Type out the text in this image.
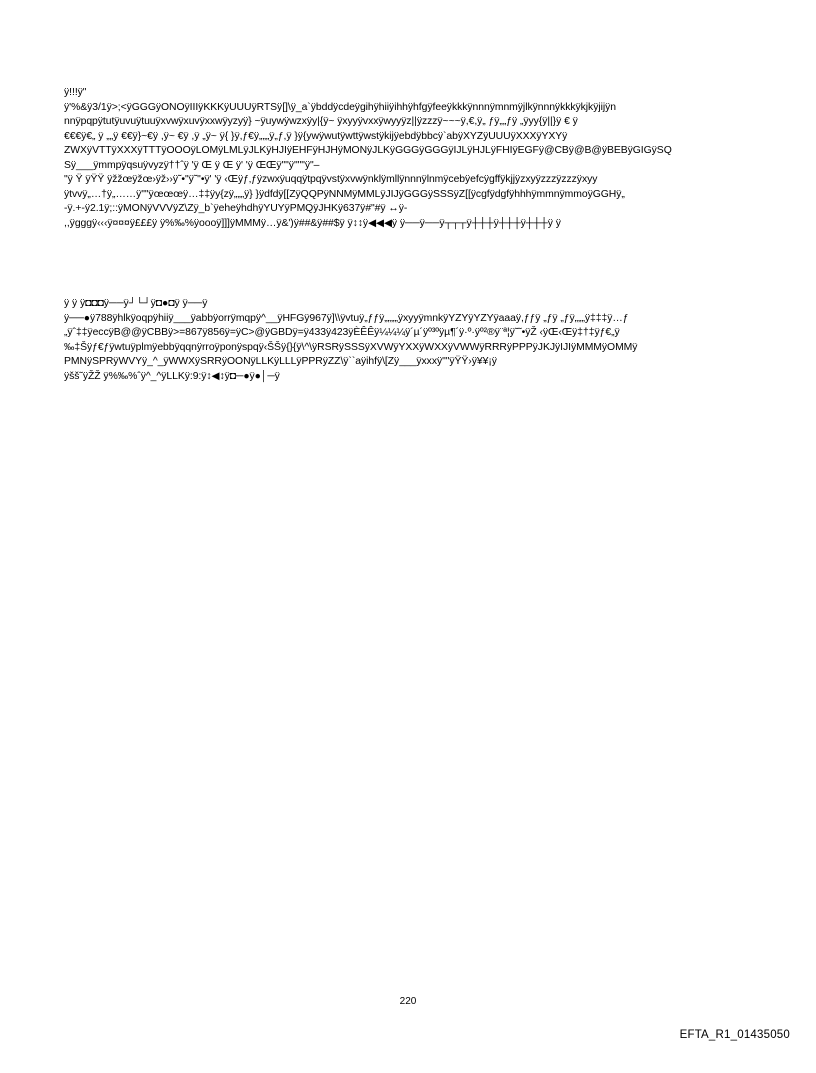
ÿ!!!ÿ"
ÿ'%&ÿ3/1ÿ>;<ÿGGGÿONOÿIIIÿKKKÿUUUÿRTSÿ[]\ÿ_a`ÿbddÿcdeÿgihÿhiiÿihhÿhfgÿfeeÿkkkÿnnnÿmnmÿjlkÿnnnÿkkkÿkjkÿjijÿn
nnÿpqpÿtutÿuvuÿtuuÿxvwÿxuvÿxxwÿyzyÿ} ~ÿuywÿwzxÿy|{ÿ~ ÿxyyÿvxxÿwyyÿz||ÿzzzÿ~~~ÿ,€,ÿ„ ƒÿ„„ƒÿ „ÿyy{ÿ||}ÿ € ÿ
€€€ÿ€„ ÿ „„ÿ €€ÿ}~€ÿ ,ÿ~ €ÿ ,ÿ „ÿ~ ÿ{ }ÿ,ƒ€ÿ„„„ÿ„ƒ,ÿ }ÿ{ywÿwutÿwttÿwstÿkijÿebdÿbbcÿ`abÿXYZÿUUUÿXXXÿYXYÿ
ZWXÿVTTÿXXXÿTTTÿOOOÿLOMÿLMLÿJLKÿHJIÿEHFÿHJHÿMONÿJLKÿGGGÿGGGÿIJLÿHJLÿFHIÿEGFÿ@CBÿ@B@ÿBEBÿGIGÿSQ
Sÿ___ÿmmpÿqsuÿvyzÿ††ˆÿ 'ÿ Œ ÿ Œ ÿ' 'ÿ ŒŒÿ""ÿ"""ÿ"–
"ÿ Ÿ ÿŸŸ ÿžžœÿžœ›ÿž››ÿ˜•"ÿ˜"•ÿ' 'ÿ ‹Œÿƒ‚ƒÿzwxÿuqqÿtpqÿvstÿxvwÿnklÿmllÿnnnÿlnmÿcebÿefcÿgffÿkjjÿzxyÿzzzÿzzzÿxyy
ÿtvvÿ„…†ÿ„……ÿ""ÿœœœÿ…‡‡ÿy{zÿ„„„ÿ} }ÿdfdÿ[[ZÿQQPÿNNMÿMMLÿJIJÿGGGÿSSSÿZ[[ÿcgfÿdgfÿhhhÿmmnÿmmoÿGGHÿ„
-ÿ.+-ÿ2.1ÿ;::ÿMONÿVVVÿZ\Zÿ_b`ÿeheÿhdhÿYUYÿPMQÿJHKÿ637ÿ#"#ÿ ↔ÿ-
,,ÿgggÿ‹‹‹ÿ¤¤¤ÿ£££ÿ ÿ%‰%ÿoooÿ]]]ÿMMMÿ…ÿ&')ÿ##&ÿ##$ÿ ÿ↕↕ÿ◀◀◀ÿ ÿ──ÿ──ÿ┬┬┬ÿ┼┼┼ÿ┼┼┼ÿ┼┼┼ÿ ÿ
ÿ ÿ ÿ◘◘◘ÿ──ÿ┘└┘ÿ◘●◘ÿ ÿ──ÿ
ÿ──●ÿ788ÿhlkÿoqpÿhiiÿ___ÿabbÿorrÿmqpÿ^__ÿHFGÿ967ÿ]\\ÿvtuÿ„ƒƒÿ„„„„ÿxyyÿmnkÿYZYÿYZYÿaaaÿ,ƒƒÿ „ƒÿ „ƒÿ„„„ÿ‡‡‡ÿ…ƒ
„ÿˆ‡‡ÿeccÿB@@ÿCBBÿ>=867ÿ856ÿ=ÿC>@ÿGBDÿ=ÿ433ÿ423ÿÈÊÊÿ¼¼¼ÿ´µ´ÿº³ºÿµ¶´ÿ·º·ÿº²®ÿ¨ª¦ÿ˜˜•ÿŽ ‹ÿŒ‹Œÿ‡†‡ÿƒ€„ÿ
‰‡Šÿƒ€ƒÿwtuÿplmÿebbÿqqnÿrroÿponÿspqÿ‹ŠŠÿ{}{ÿ\^\ÿRSRÿSSSÿXVWÿYXXÿWXXÿVWWÿRRRÿPPPÿJKJÿIJIÿMMMÿOMMÿ
PMNÿSPRÿWVYÿ_^_ÿWWXÿSRRÿOONÿLLKÿLLLÿPPRÿZZ\ÿ``aÿihfÿ\[Zÿ___ÿxxxÿ""ÿŸŸ›ÿ¥¥¡ÿ
ÿšš˜ÿŽŽ ÿ%‰%ˆÿ^_^ÿLLKÿ:9:ÿ↕◀↕ÿ◘─●ÿ●│─ÿ
220
EFTA_R1_01435050
